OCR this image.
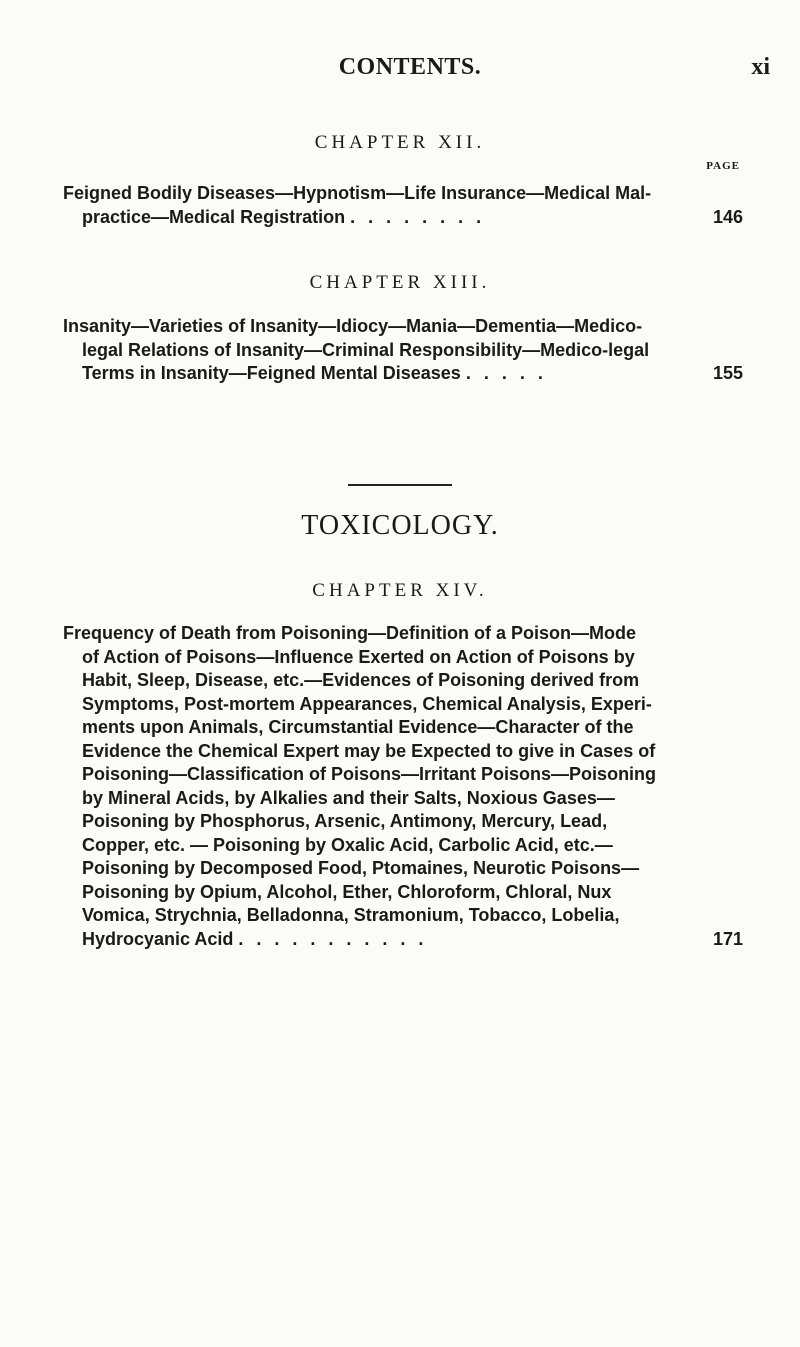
CONTENTS.	xi
CHAPTER XII.
PAGE
Feigned Bodily Diseases—Hypnotism—Life Insurance—Medical Mal-
practice—Medical Registration . . . . . . . .	146
CHAPTER XIII.
Insanity—Varieties of Insanity—Idiocy—Mania—Dementia—Medico-
legal Relations of Insanity—Criminal Responsibility—Medico-legal
Terms in Insanity—Feigned Mental Diseases . . . . .	155
TOXICOLOGY.
CHAPTER XIV.
Frequency of Death from Poisoning—Definition of a Poison—Mode
of Action of Poisons—Influence Exerted on Action of Poisons by
Habit, Sleep, Disease, etc.—Evidences of Poisoning derived from
Symptoms, Post-mortem Appearances, Chemical Analysis, Experi-
ments upon Animals, Circumstantial Evidence—Character of the
Evidence the Chemical Expert may be Expected to give in Cases of
Poisoning—Classification of Poisons—Irritant Poisons—Poisoning
by Mineral Acids, by Alkalies and their Salts, Noxious Gases—
Poisoning by Phosphorus, Arsenic, Antimony, Mercury, Lead,
Copper, etc. — Poisoning by Oxalic Acid, Carbolic Acid, etc.—
Poisoning by Decomposed Food, Ptomaines, Neurotic Poisons—
Poisoning by Opium, Alcohol, Ether, Chloroform, Chloral, Nux
Vomica, Strychnia, Belladonna, Stramonium, Tobacco, Lobelia,
Hydrocyanic Acid . . . . . . . . . . .	171
